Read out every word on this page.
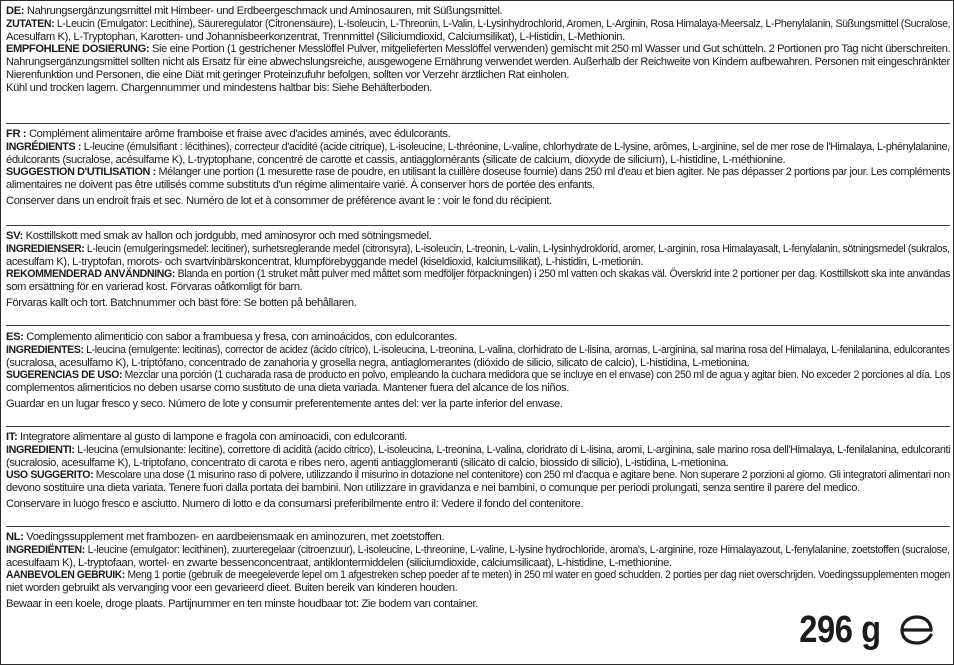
DE: Nahrungsergänzungsmittel mit Himbeer- und Erdbeergeschmack und Aminosauren, mit Süßungsmittel.
ZUTATEN: L-Leucin (Emulgator: Lecithine), Säureregulator (Citronensäure), L-Isoleucin, L-Threonin, L-Valin, L-Lysinhydrochlorid, Aromen, L-Arginin, Rosa Himalaya-Meersalz, L-Phenylalanin, Süßungsmittel (Sucralose,
Acesulfam K), L-Tryptophan, Karotten- und Johannisbeerkonzentrat, Trennmittel (Siliciumdioxid, Calciumsilikat), L-Histidin, L-Methionin.
EMPFOHLENE DOSIERUNG: Sie eine Portion (1 gestrichener Messlöffel Pulver, mitgelieferten Messlöffel verwenden) gemischt mit 250 ml Wasser und Gut schütteln. 2 Portionen pro Tag nicht überschreiten.
Nahrungsergänzungsmittel sollten nicht als Ersatz für eine abwechslungsreiche, ausgewogene Ernährung verwendet werden. Außerhalb der Reichweite von Kindern aufbewahren. Personen mit eingeschränkter
Nierenfunktion und Personen, die eine Diät mit geringer Proteinzufuhr befolgen, sollten vor Verzehr ärztlichen Rat einholen.
Kühl und trocken lagern. Chargennummer und mindestens haltbar bis: Siehe Behälterboden.
FR : Complément alimentaire arôme framboise et fraise avec d'acides aminés, avec édulcorants.
INGRÉDIENTS : L-leucine (émulsifiant : lécithines), correcteur d'acidité (acide citrique), L-isoleucine, L-thréonine, L-valine, chlorhydrate de L-lysine, arômes, L-arginine, sel de mer rose de l'Himalaya, L-phénylalanine,
édulcorants (sucralose, acésulfame K), L-tryptophane, concentré de carotte et cassis, antiagglomérants (silicate de calcium, dioxyde de silicium), L-histidine, L-méthionine.
SUGGESTION D'UTILISATION : Mélanger une portion (1 mesurette rase de poudre, en utilisant la cuillère doseuse fournie) dans 250 ml d'eau et bien agiter. Ne pas dépasser 2 portions par jour. Les compléments
alimentaires ne doivent pas être utilisés comme substituts d'un régime alimentaire varié. À conserver hors de portée des enfants.
Conserver dans un endroit frais et sec. Numéro de lot et à consommer de préférence avant le : voir le fond du récipient.
SV: Kosttillskott med smak av hallon och jordgubb, med aminosyror och med sötningsmedel.
INGREDIENSER: L-leucin (emulgeringsmedel: lecitiner), surhetsreglerande medel (citronsyra), L-isoleucin, L-treonin, L-valin, L-lysinhydroklorid, aromer, L-arginin, rosa Himalayasalt, L-fenylalanin, sötningsmedel (sukralos,
acesulfam K), L-tryptofan, morots- och svartvinbärskoncentrat, klumpförebyggande medel (kiseldioxid, kalciumsilikat), L-histidin, L-metionin.
REKOMMENDERAD ANVÄNDNING: Blanda en portion (1 struket mått pulver med måttet som medföljer förpackningen) i 250 ml vatten och skakas väl. Överskrid inte 2 portioner per dag. Kosttillskott ska inte användas
som ersättning för en varierad kost. Förvaras oåtkomligt för barn.
Förvaras kallt och tort. Batchnummer och bäst före: Se botten på behållaren.
ES: Complemento alimenticio con sabor a frambuesa y fresa, con aminoácidos, con edulcorantes.
INGREDIENTES: L-leucina (emulgente: lecitinas), corrector de acidez (ácido cítrico), L-isoleucina, L-treonina, L-valina, clorhidrato de L-lisina, aromas, L-arginina, sal marina rosa del Himalaya, L-fenilalanina, edulcorantes
(sucralosa, acesulfamo K), L-triptófano, concentrado de zanahoria y grosella negra, antiaglomerantes (dióxido de silicio, silicato de calcio), L-histidina, L-metionina.
SUGERENCIAS DE USO: Mezclar una porción (1 cucharada rasa de producto en polvo, empleando la cuchara medidora que se incluye en el envase) con 250 ml de agua y agitar bien. No exceder 2 porciones al día. Los
complementos alimenticios no deben usarse como sustituto de una dieta variada. Mantener fuera del alcance de los niños.
Guardar en un lugar fresco y seco. Número de lote y consumir preferentemente antes del: ver la parte inferior del envase.
IT: Integratore alimentare al gusto di lampone e fragola con aminoacidi, con edulcoranti.
INGREDIENTI: L-leucina (emulsionante: lecitine), correttore di acidità (acido citrico), L-isoleucina, L-treonina, L-valina, cloridrato di L-lisina, aromi, L-arginina, sale marino rosa dell'Himalaya, L-fenilalanina, edulcoranti
(sucralosio, acesulfame K), L-triptofano, concentrato di carota e ribes nero, agenti antiagglomeranti (silicato di calcio, biossido di silicio), L-istidina, L-metionina.
USO SUGGERITO: Mescolare una dose (1 misurino raso di polvere, utilizzando il misurino in dotazione nel contenitore) con 250 ml d'acqua e agitare bene. Non superare 2 porzioni al giorno. Gli integratori alimentari non
devono sostituire una dieta variata. Tenere fuori dalla portata dei bambini. Non utilizzare in gravidanza e nei bambini, o comunque per periodi prolungati, senza sentire il parere del medico.
Conservare in luogo fresco e asciutto. Numero di lotto e da consumarsi preferibilmente entro il: Vedere il fondo del contenitore.
NL: Voedingssupplement met frambozen- en aardbeiensmaak en aminozuren, met zoetstoffen.
INGREDIËNTEN: L-leucine (emulgator: lecithinen), zuurteregelaar (citroenzuur), L-isoleucine, L-threonine, L-valine, L-lysine hydrochloride, aroma's, L-arginine, roze Himalayazout, L-fenylalanine, zoetstoffen (sucralose,
acesulfaam K), L-tryptofaan, wortel- en zwarte bessenconcentraat, antiklontermiddelen (siliciumdioxide, calciumsilicaat), L-histidine, L-methionine.
AANBEVOLEN GEBRUIK: Meng 1 portie (gebruik de meegeleverde lepel om 1 afgestreken schep poeder af te meten) in 250 ml water en goed schudden. 2 porties per dag niet overschrijden. Voedingssupplementen mogen
niet worden gebruikt als vervanging voor een gevarieerd dieet. Buiten bereik van kinderen houden.
Bewaar in een koele, droge plaats. Partijnummer en ten minste houdbaar tot: Zie bodem van container.
296 g
